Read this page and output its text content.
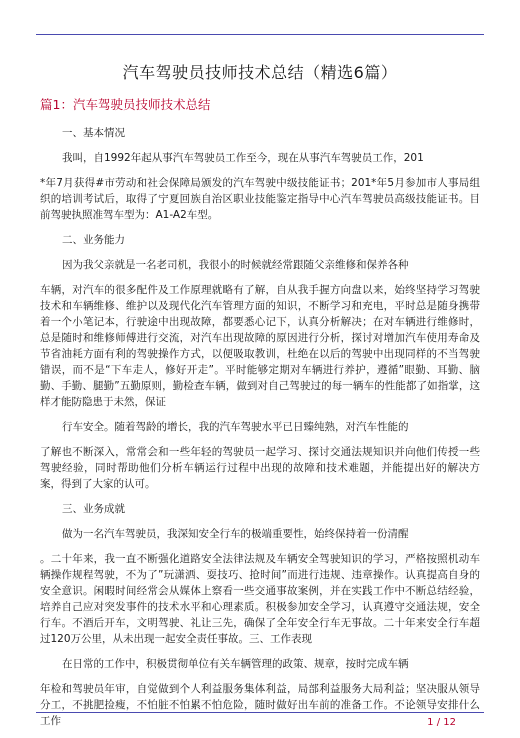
汽车驾驶员技师技术总结（精选6篇）
篇1：汽车驾驶员技师技术总结
一、基本情况

我叫，自1992年起从事汽车驾驶员工作至今，现在从事汽车驾驶员工作，201

*年7月获得#市劳动和社会保障局颁发的汽车驾驶中级技能证书；201*年5月参加市人事局组织的培训考试后，取得了宁夏回族自治区职业技能鉴定指导中心汽车驾驶员高级技能证书。目前驾驶执照准驾车型为：A1-A2车型。

二、业务能力

因为我父亲就是一名老司机，我很小的时候就经常跟随父亲维修和保养各种

车辆，对汽车的很多配件及工作原理就略有了解，自从我手握方向盘以来，始终坚持学习驾驶技术和车辆维修、维护以及现代化汽车管理方面的知识，不断学习和充电，平时总是随身携带着一个小笔记本，行驶途中出现故障，都要悉心记下，认真分析解决；在对车辆进行维修时，总是随时和维修师傅进行交流，对汽车出现故障的原因进行分析，探讨对增加汽车使用寿命及节省油耗方面有利的驾驶操作方式，以便吸取教训，杜绝在以后的驾驶中出现同样的不当驾驶错误，而不是“下车走人，修好开走”。平时能够定期对车辆进行养护，遵循”眼勤、耳勤、脑勤、手勤、腿勤”五勤原则，勤检查车辆，做到对自己驾驶过的每一辆车的性能都了如指掌，这样才能防隐患于未然，保证

行车安全。随着驾龄的增长，我的汽车驾驶水平已日臻纯熟，对汽车性能的

了解也不断深入，常常会和一些年轻的驾驶员一起学习、探讨交通法规知识并向他们传授一些驾驶经验，同时帮助他们分析车辆运行过程中出现的故障和技术难题，并能提出好的解决方案，得到了大家的认可。

三、业务成就

做为一名汽车驾驶员，我深知安全行车的极端重要性，始终保持着一份清醒

。二十年来，我一直不断强化道路安全法律法规及车辆安全驾驶知识的学习，严格按照机动车辆操作规程驾驶，不为了”玩潇洒、耍技巧、抢时间”而进行违规、违章操作。认真提高自身的安全意识。闲暇时间经常会从媒体上察看一些交通事故案例，并在实践工作中不断总结经验，培养自己应对突发事件的技术水平和心理素质。积极参加安全学习，认真遵守交通法规，安全行车。不酒后开车，文明驾驶、礼让三先，确保了全年安全行车无事故。二十年来安全行车超过120万公里，从未出现一起安全责任事故。三、工作表现

在日常的工作中，积极贯彻单位有关车辆管理的政策、规章，按时完成车辆

年检和驾驶员年审，自觉做到个人利益服务集体利益，局部利益服务大局利益；坚决服从领导分工，不挑肥捡瘦，不怕脏不怕累不怕危险，随时做好出车前的准备工作。不论领导安排什么工作	1 / 12
